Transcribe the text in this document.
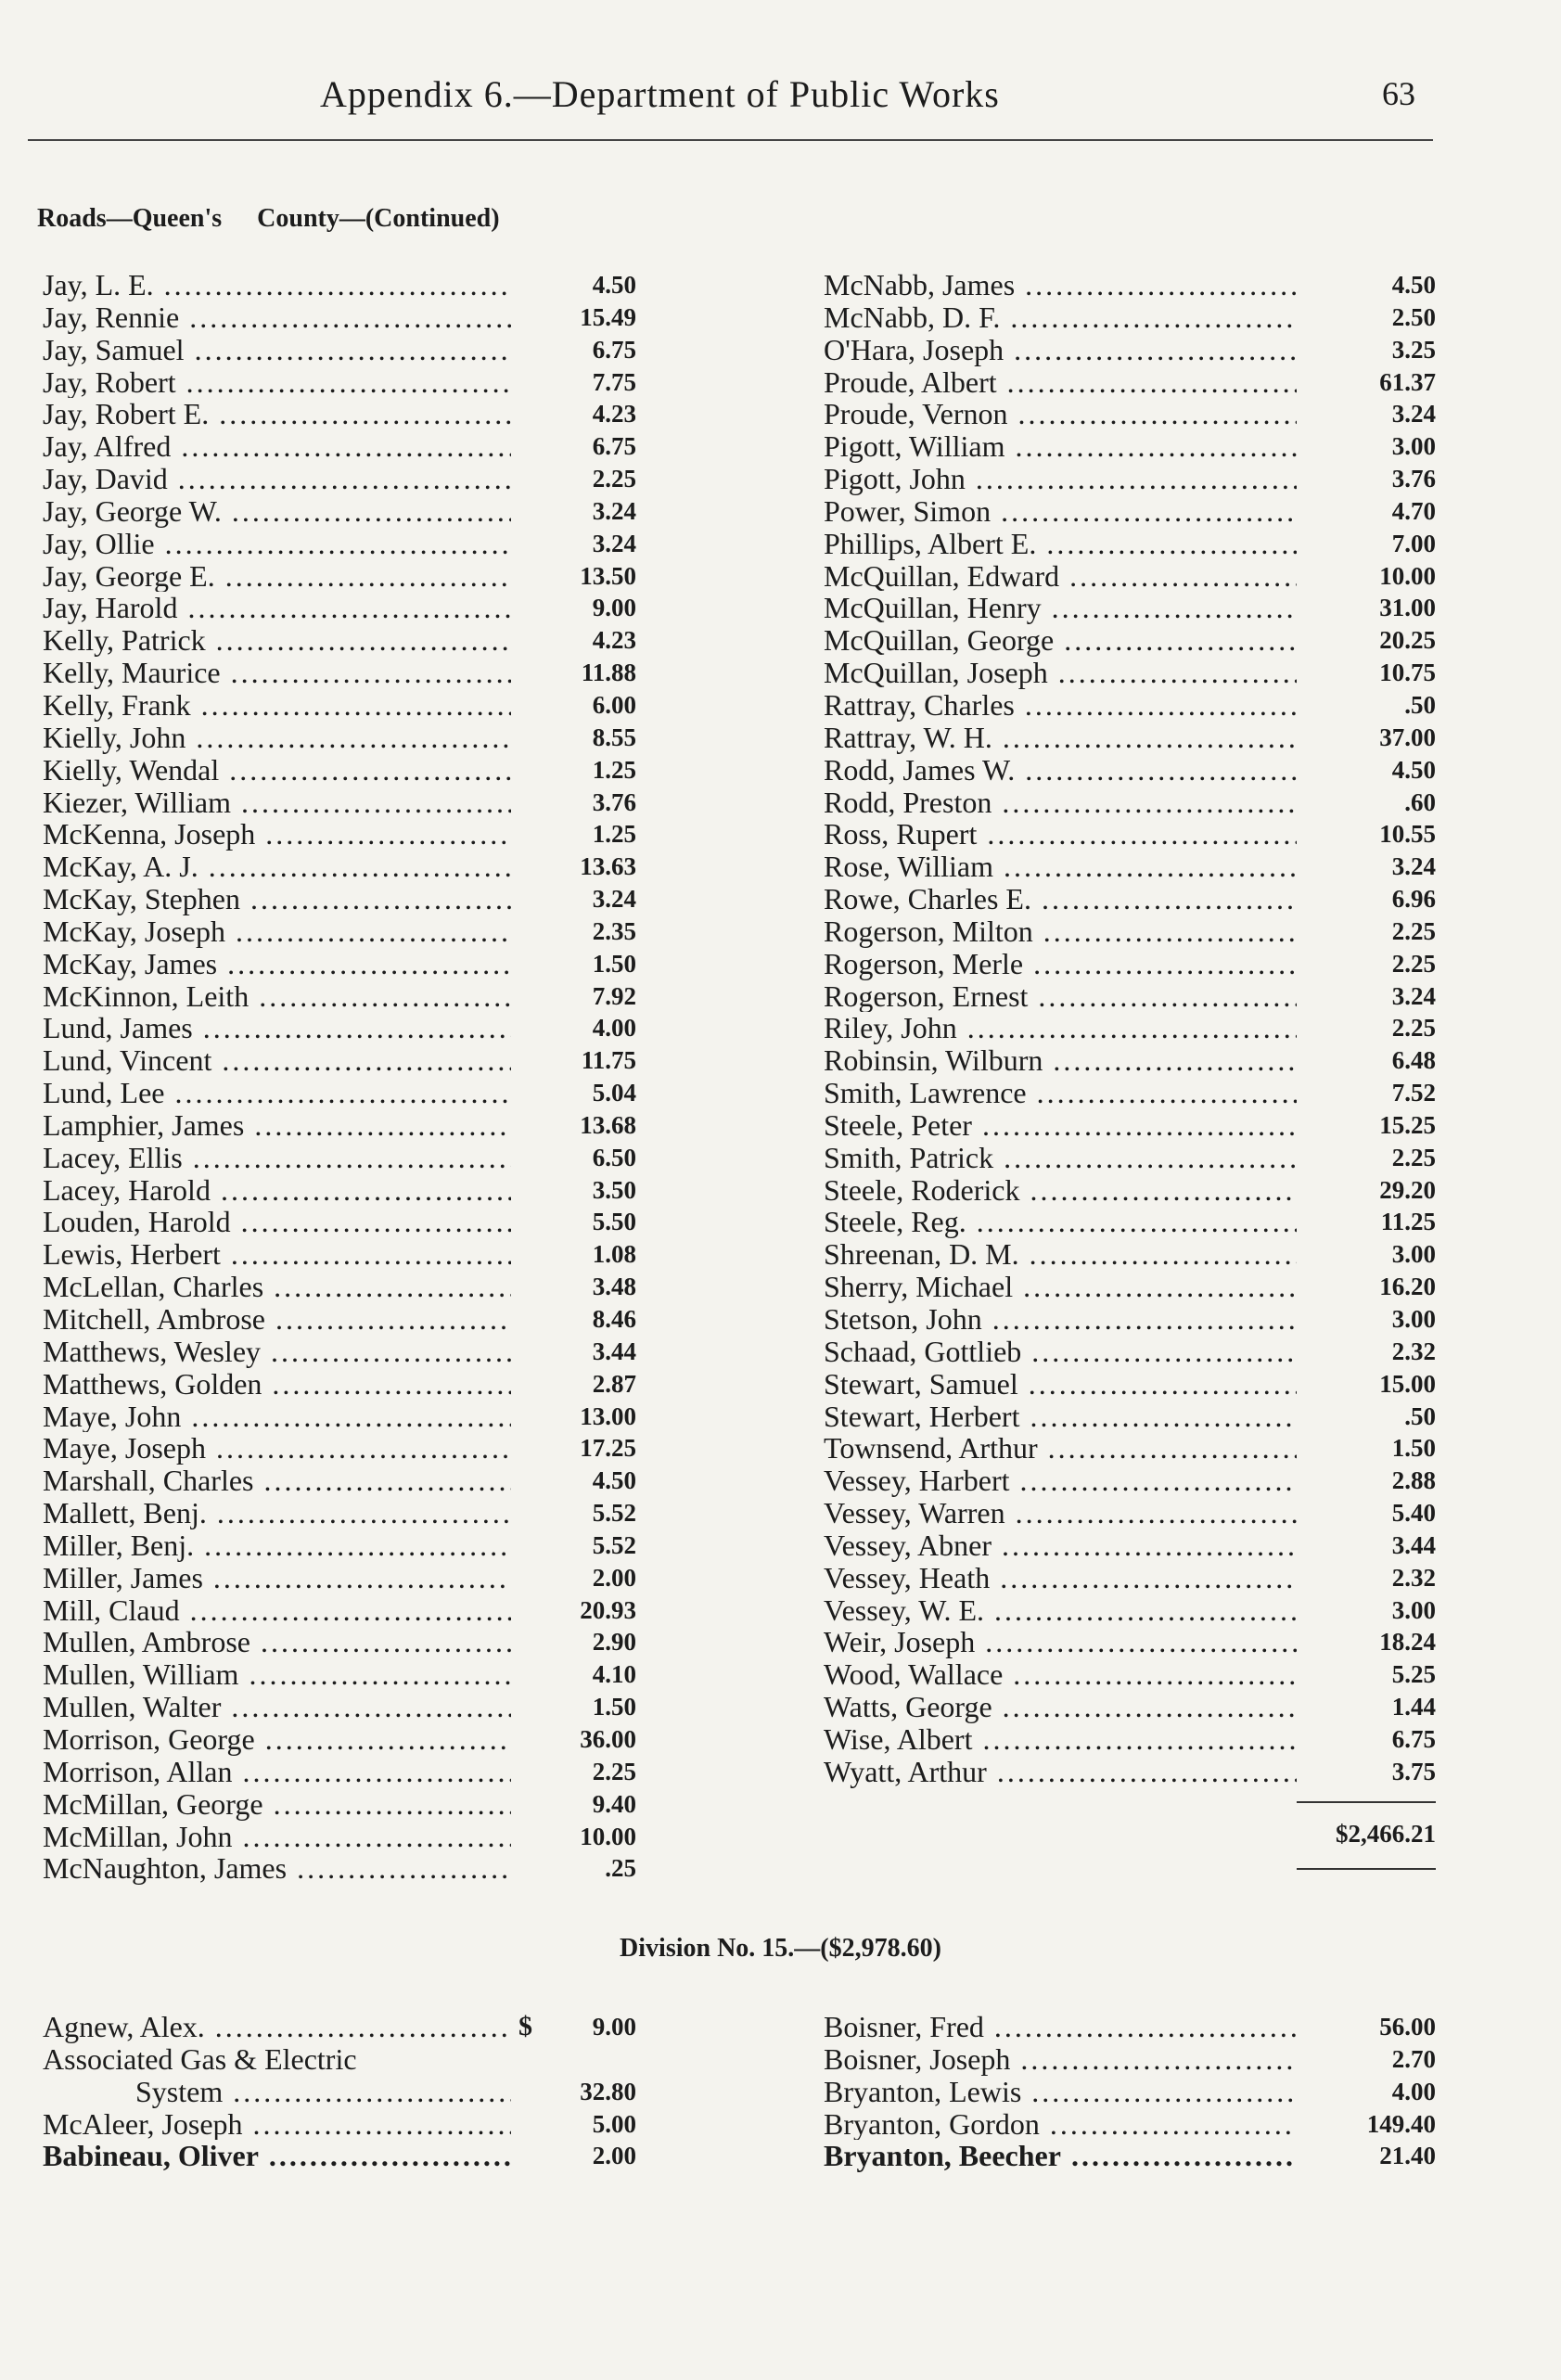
Appendix 6.—Department of Public Works	63
Roads—Queen's County—(Continued)
Jay, L. E. .....	4.50
Jay, Rennie .....	15.49
Jay, Samuel .....	6.75
Jay, Robert .....	7.75
Jay, Robert E. .....	4.23
Jay, Alfred .....	6.75
Jay, David .....	2.25
Jay, George W. .....	3.24
Jay, Ollie .....	3.24
Jay, George E. .....	13.50
Jay, Harold .....	9.00
Kelly, Patrick .....	4.23
Kelly, Maurice .....	11.88
Kelly, Frank .....	6.00
Kielly, John .....	8.55
Kielly, Wendal .....	1.25
Kiezer, William .....	3.76
McKenna, Joseph .....	1.25
McKay, A. J. .....	13.63
McKay, Stephen .....	3.24
McKay, Joseph .....	2.35
McKay, James .....	1.50
McKinnon, Leith .....	7.92
Lund, James .....	4.00
Lund, Vincent .....	11.75
Lund, Lee .....	5.04
Lamphier, James .....	13.68
Lacey, Ellis .....	6.50
Lacey, Harold .....	3.50
Louden, Harold .....	5.50
Lewis, Herbert .....	1.08
McLellan, Charles .....	3.48
Mitchell, Ambrose .....	8.46
Matthews, Wesley .....	3.44
Matthews, Golden .....	2.87
Maye, John .....	13.00
Maye, Joseph .....	17.25
Marshall, Charles .....	4.50
Mallett, Benj. .....	5.52
Miller, Benj. .....	5.52
Miller, James .....	2.00
Mill, Claud .....	20.93
Mullen, Ambrose .....	2.90
Mullen, William .....	4.10
Mullen, Walter .....	1.50
Morrison, George .....	36.00
Morrison, Allan .....	2.25
McMillan, George .....	9.40
McMillan, John .....	10.00
McNaughton, James .....	.25
McNabb, James .....	4.50
McNabb, D. F. .....	2.50
O'Hara, Joseph .....	3.25
Proude, Albert .....	61.37
Proude, Vernon .....	3.24
Pigott, William .....	3.00
Pigott, John .....	3.76
Power, Simon .....	4.70
Phillips, Albert E. .....	7.00
McQuillan, Edward .....	10.00
McQuillan, Henry .....	31.00
McQuillan, George .....	20.25
McQuillan, Joseph .....	10.75
Rattray, Charles .....	.50
Rattray, W. H. .....	37.00
Rodd, James W. .....	4.50
Rodd, Preston .....	.60
Ross, Rupert .....	10.55
Rose, William .....	3.24
Rowe, Charles E. .....	6.96
Rogerson, Milton .....	2.25
Rogerson, Merle .....	2.25
Rogerson, Ernest .....	3.24
Riley, John .....	2.25
Robinsin, Wilburn .....	6.48
Smith, Lawrence .....	7.52
Steele, Peter .....	15.25
Smith, Patrick .....	2.25
Steele, Roderick .....	29.20
Steele, Reg. .....	11.25
Shreenan, D. M. .....	3.00
Sherry, Michael .....	16.20
Stetson, John .....	3.00
Schaad, Gottlieb .....	2.32
Stewart, Samuel .....	15.00
Stewart, Herbert .....	.50
Townsend, Arthur .....	1.50
Vessey, Harbert .....	2.88
Vessey, Warren .....	5.40
Vessey, Abner .....	3.44
Vessey, Heath .....	2.32
Vessey, W. E. .....	3.00
Weir, Joseph .....	18.24
Wood, Wallace .....	5.25
Watts, George .....	1.44
Wise, Albert .....	6.75
Wyatt, Arthur .....	3.75
$2,466.21
Division No. 15.—($2,978.60)
Agnew, Alex. .....	$ 9.00
Associated Gas & Electric
System .....	32.80
McAleer, Joseph .....	5.00
Babineau, Oliver .....	2.00
Boisner, Fred .....	56.00
Boisner, Joseph .....	2.70
Bryanton, Lewis .....	4.00
Bryanton, Gordon .....	149.40
Bryanton, Beecher .....	21.40
